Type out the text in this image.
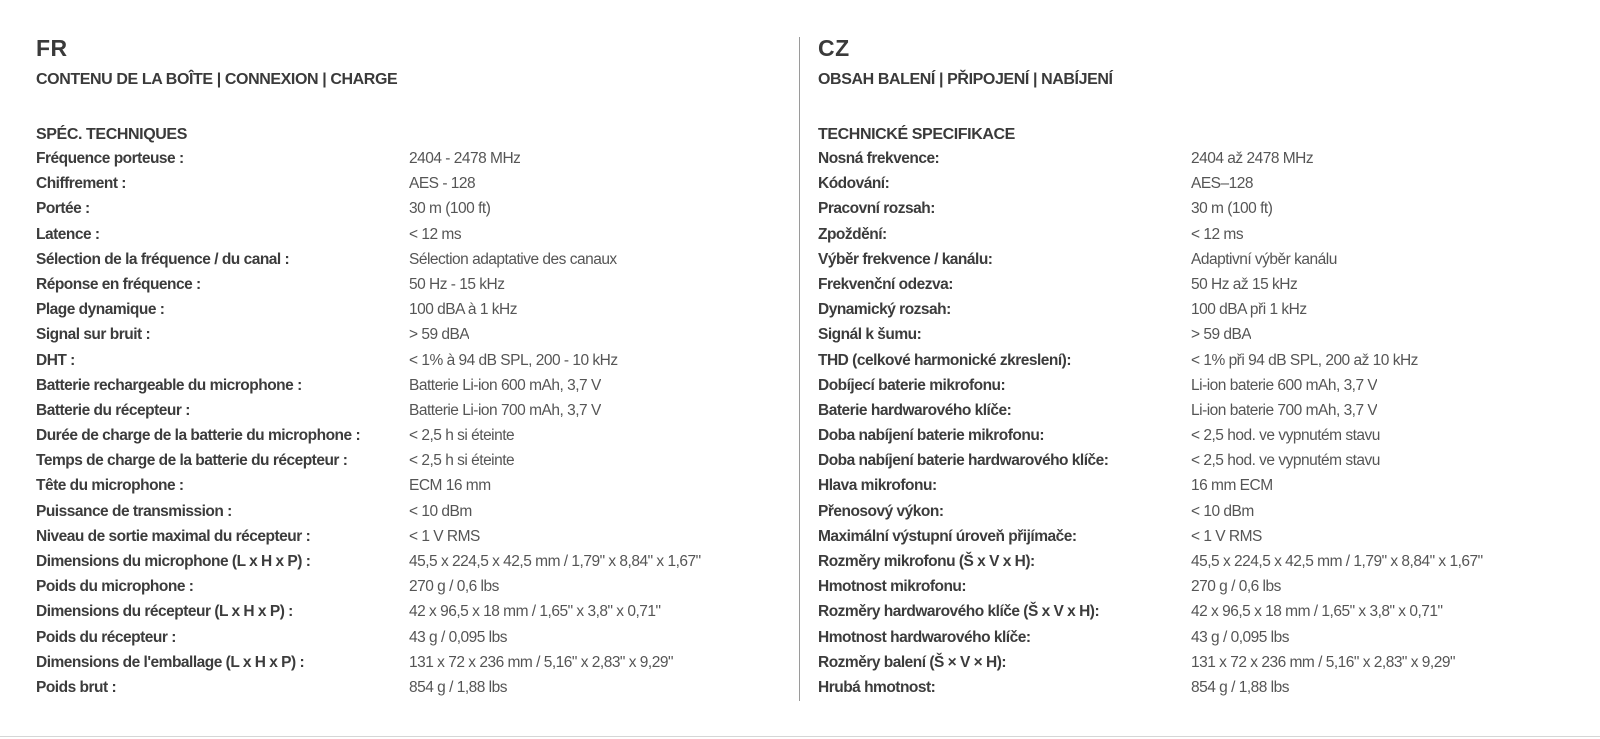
FR
CONTENU DE LA BOÎTE | CONNEXION | CHARGE
SPÉC. TECHNIQUES
Fréquence porteuse :	2404 - 2478 MHz
Chiffrement :	AES - 128
Portée :	30 m (100 ft)
Latence :	< 12 ms
Sélection de la fréquence / du canal :	Sélection adaptative des canaux
Réponse en fréquence :	50 Hz - 15 kHz
Plage dynamique :	100 dBA à 1 kHz
Signal sur bruit :	> 59 dBA
DHT :	< 1% à 94 dB SPL, 200 - 10 kHz
Batterie rechargeable du microphone :	Batterie Li-ion 600 mAh, 3,7 V
Batterie du récepteur :	Batterie Li-ion 700 mAh, 3,7 V
Durée de charge de la batterie du microphone :	< 2,5 h si éteinte
Temps de charge de la batterie du récepteur :	< 2,5 h si éteinte
Tête du microphone :	ECM 16 mm
Puissance de transmission :	< 10 dBm
Niveau de sortie maximal du récepteur :	< 1 V RMS
Dimensions du microphone (L x H x P) :	45,5 x 224,5 x 42,5 mm / 1,79" x 8,84" x 1,67"
Poids du microphone :	270 g / 0,6 lbs
Dimensions du récepteur (L x H x P) :	42 x 96,5 x 18 mm / 1,65" x 3,8" x 0,71"
Poids du récepteur :	43 g / 0,095 lbs
Dimensions de l'emballage (L x H x P) :	131 x 72 x 236 mm / 5,16" x 2,83" x 9,29"
Poids brut :	854 g / 1,88 lbs
CZ
OBSAH BALENÍ | PŘIPOJENÍ | NABÍJENÍ
TECHNICKÉ SPECIFIKACE
Nosná frekvence:	2404 až 2478 MHz
Kódování:	AES–128
Pracovní rozsah:	30 m (100 ft)
Zpoždění:	< 12 ms
Výběr frekvence / kanálu:	Adaptivní výběr kanálu
Frekvenční odezva:	50 Hz až 15 kHz
Dynamický rozsah:	100 dBA při 1 kHz
Signál k šumu:	> 59 dBA
THD (celkové harmonické zkreslení):	< 1% při 94 dB SPL, 200 až 10 kHz
Dobíjecí baterie mikrofonu:	Li-ion baterie 600 mAh, 3,7 V
Baterie hardwarového klíče:	Li-ion baterie 700 mAh, 3,7 V
Doba nabíjení baterie mikrofonu:	< 2,5 hod. ve vypnutém stavu
Doba nabíjení baterie hardwarového klíče:	< 2,5 hod. ve vypnutém stavu
Hlava mikrofonu:	16 mm ECM
Přenosový výkon:	< 10 dBm
Maximální výstupní úroveň přijímače:	< 1 V RMS
Rozměry mikrofonu (Š x V x H):	45,5 x 224,5 x 42,5 mm / 1,79" x 8,84" x 1,67"
Hmotnost mikrofonu:	270 g / 0,6 lbs
Rozměry hardwarového klíče (Š x V x H):	42 x 96,5 x 18 mm / 1,65" x 3,8" x 0,71"
Hmotnost hardwarového klíče:	43 g / 0,095 lbs
Rozměry balení (Š × V × H):	131 x 72 x 236 mm / 5,16" x 2,83" x 9,29"
Hrubá hmotnost:	854 g / 1,88 lbs
